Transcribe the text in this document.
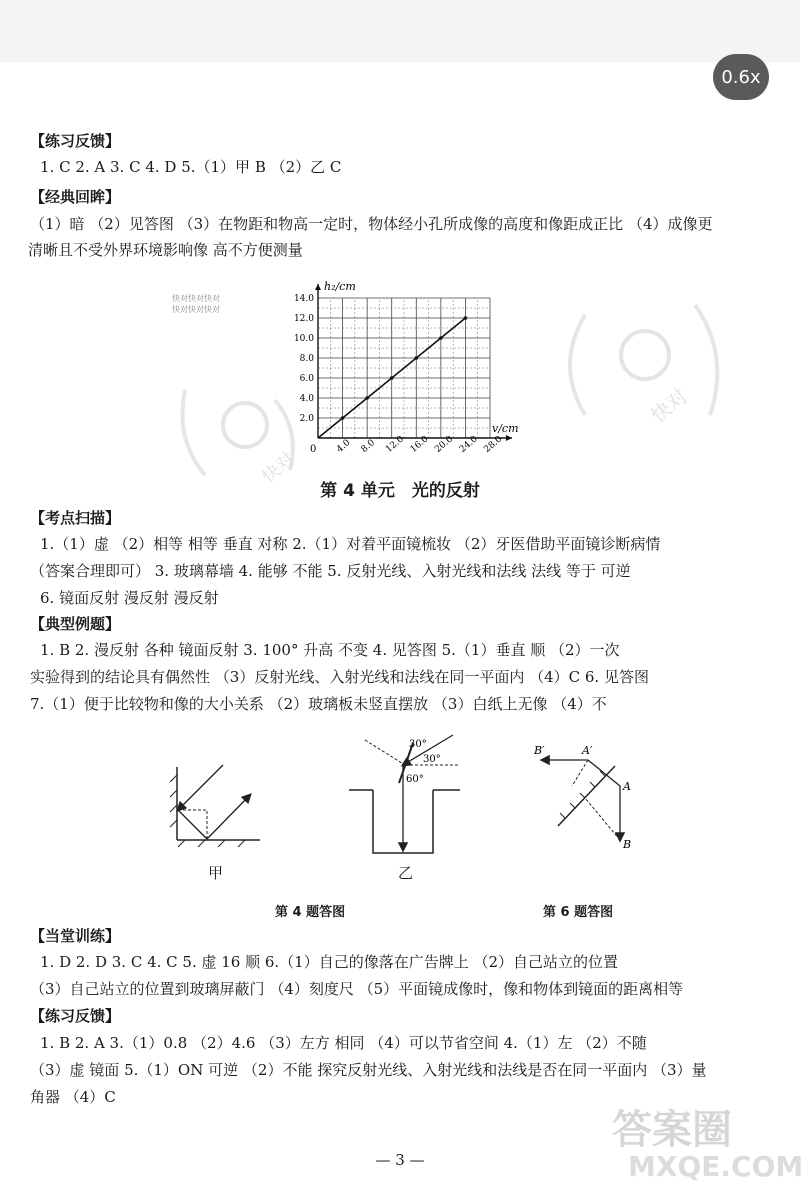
0.6x
【练习反馈】
1. C 2. A 3. C 4. D 5.（1）甲 B （2）乙 C
【经典回眸】
（1）暗 （2）见答图 （3）在物距和物高一定时，物体经小孔所成像的高度和像距成正比 （4）成像更
清晰且不受外界环境影响像 高不方便测量
快对快对快对
快对快对快对
快对
快对
0 4.0 8.0 12.0 16.0 20.0 24.0 28.0
2.0
4.0
6.0
8.0
10.0
12.0
14.0
h₂/cm
v/cm
第 4 单元　光的反射
【考点扫描】
1.（1）虚 （2）相等 相等 垂直 对称 2.（1）对着平面镜梳妆 （2）牙医借助平面镜诊断病情
（答案合理即可） 3. 玻璃幕墙 4. 能够 不能 5. 反射光线、入射光线和法线 法线 等于 可逆
6. 镜面反射 漫反射 漫反射
【典型例题】
1. B 2. 漫反射 各种 镜面反射 3. 100° 升高 不变 4. 见答图 5.（1）垂直 顺 （2）一次
实验得到的结论具有偶然性 （3）反射光线、入射光线和法线在同一平面内 （4）C 6. 见答图
7.（1）便于比较物和像的大小关系 （2）玻璃板未竖直摆放 （3）白纸上无像 （4）不
甲
30°
30°
60°
乙
B′	A′
A
B
第 4 题答图	第 6 题答图
【当堂训练】
1. D 2. D 3. C 4. C 5. 虚 16 顺 6.（1）自己的像落在广告牌上 （2）自己站立的位置
（3）自己站立的位置到玻璃屏蔽门 （4）刻度尺 （5）平面镜成像时，像和物体到镜面的距离相等
【练习反馈】
1. B 2. A 3.（1）0.8 （2）4.6 （3）左方 相同 （4）可以节省空间 4.（1）左 （2）不随
（3）虚 镜面 5.（1）ON 可逆 （2）不能 探究反射光线、入射光线和法线是否在同一平面内 （3）量
角器 （4）C
答案圈
MXQE.COM
— 3 —
